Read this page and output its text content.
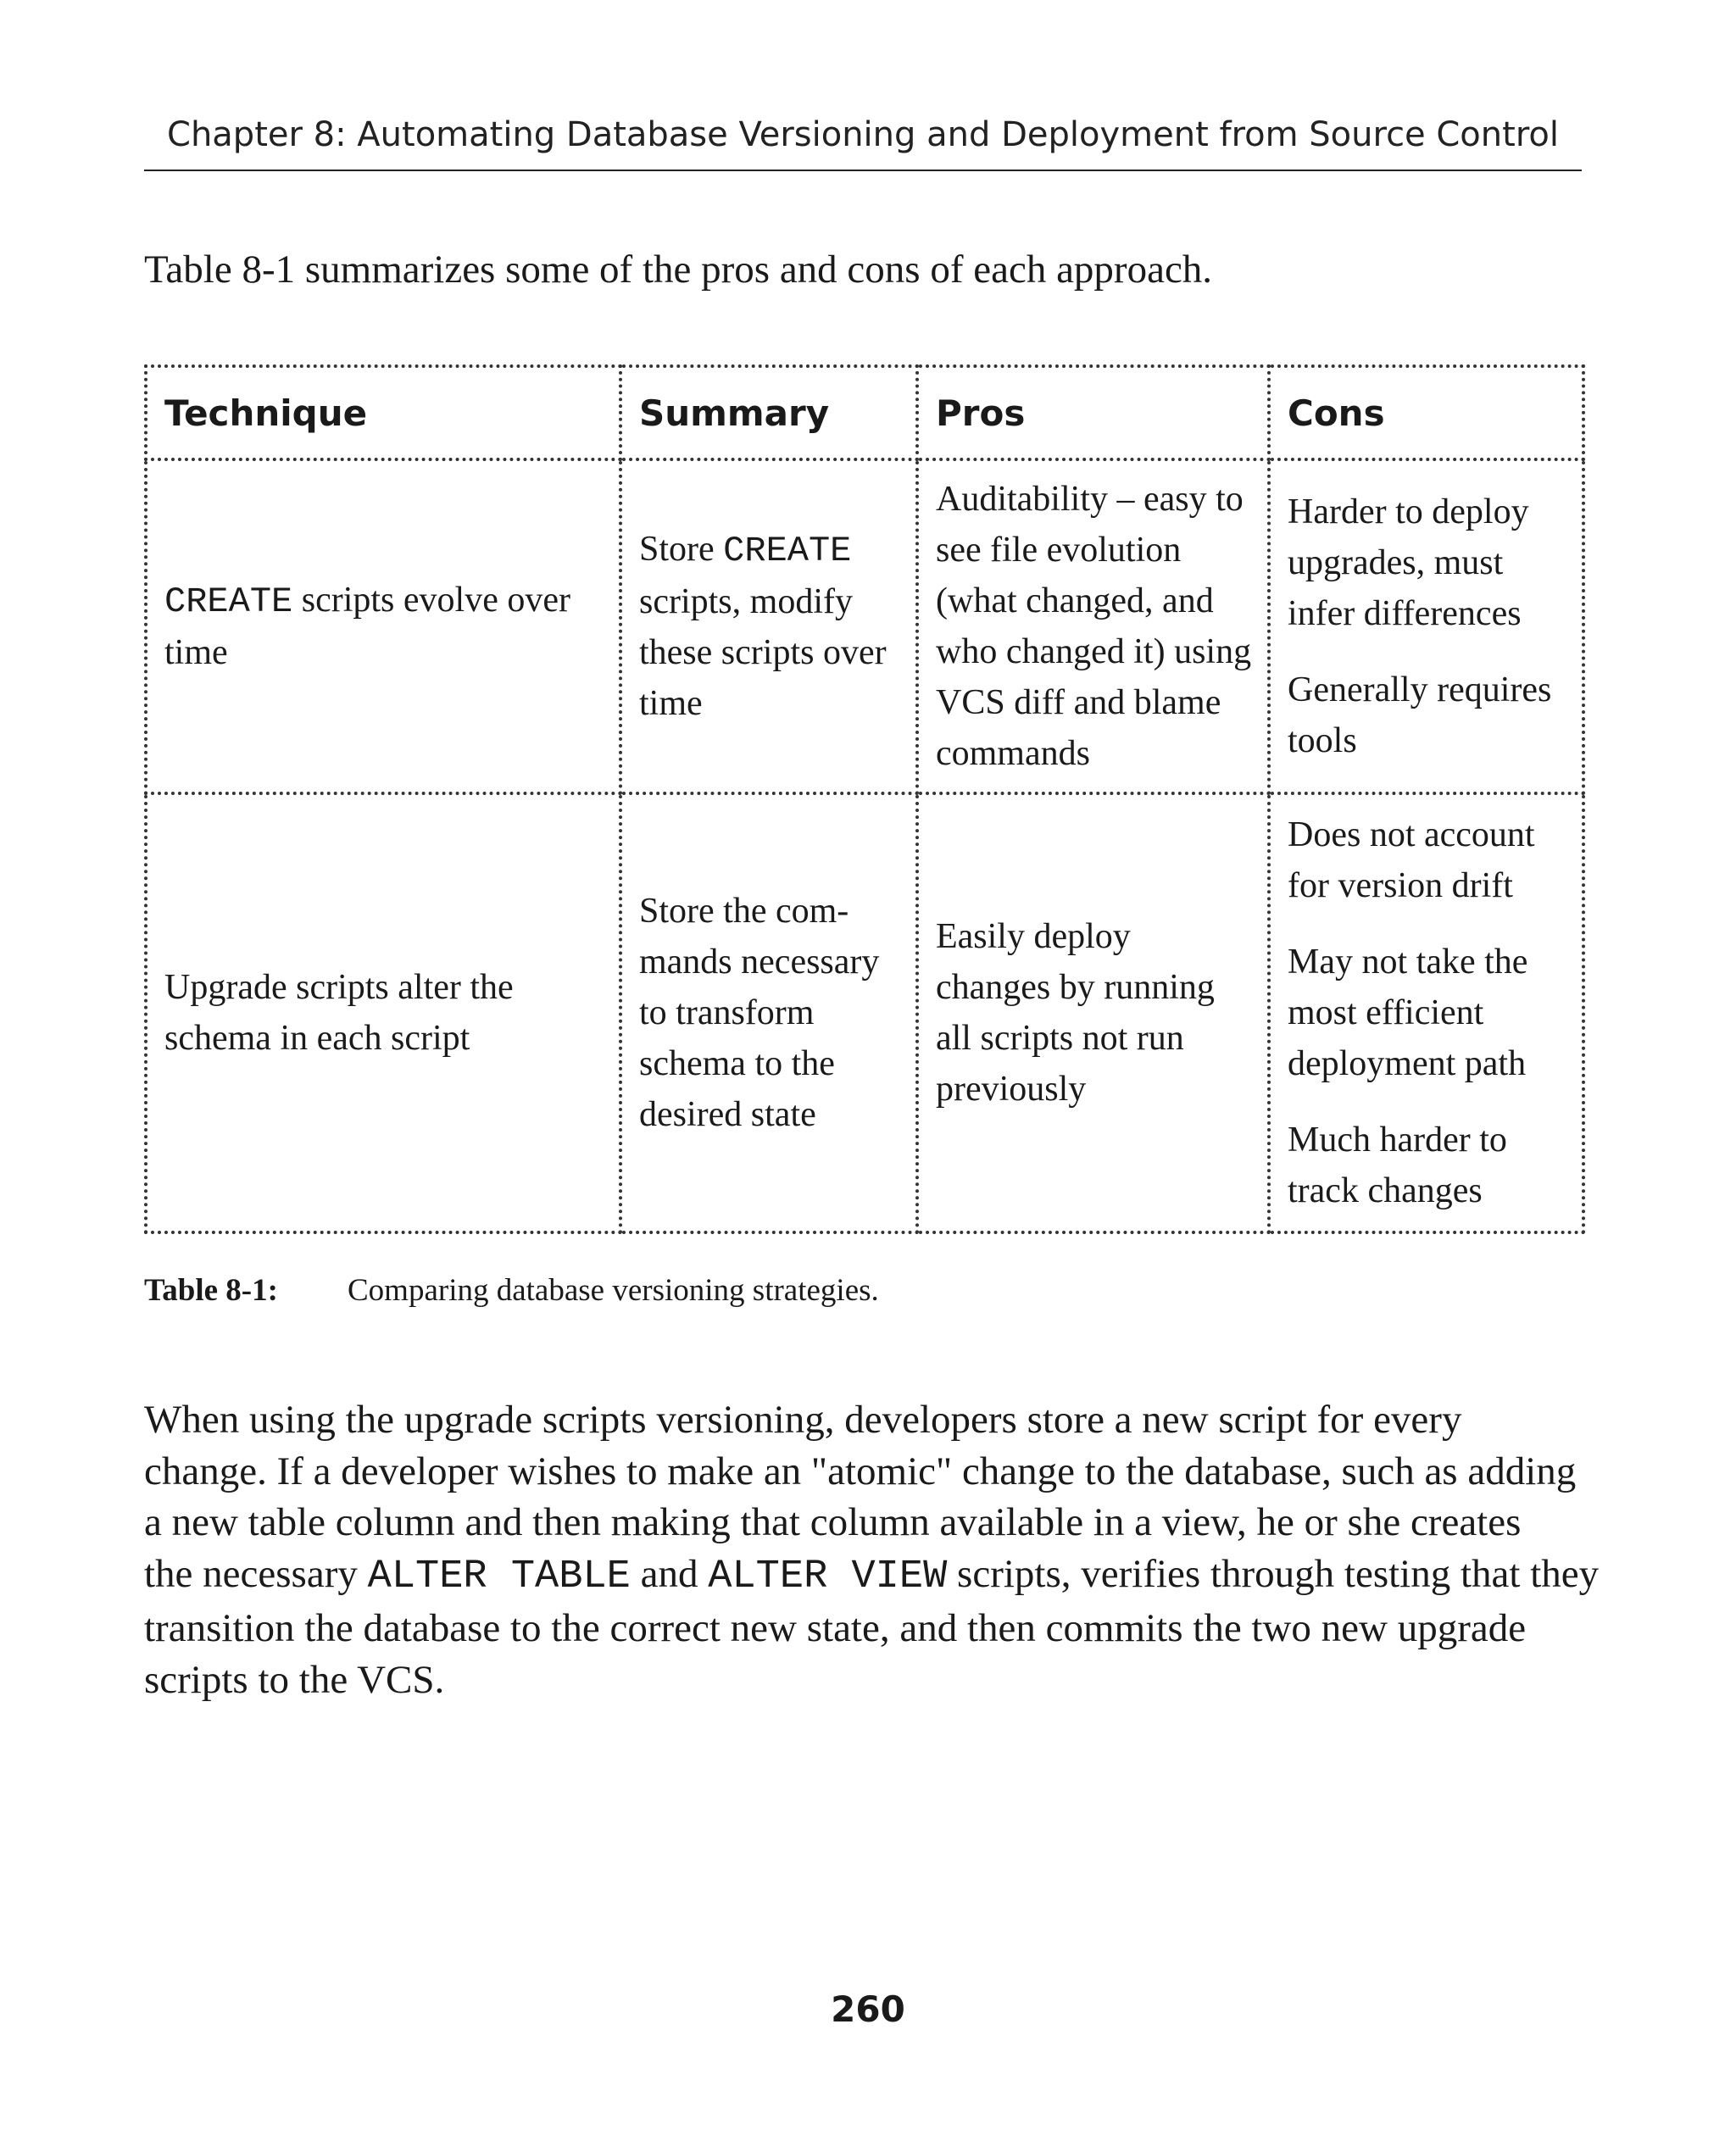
Chapter 8: Automating Database Versioning and Deployment from Source Control
Table 8-1 summarizes some of the pros and cons of each approach.
Technique	Summary	Pros	Cons
CREATE scripts evolve over time	Store CREATE scripts, modify these scripts over time	Auditability – easy to see file evolution (what changed, and who changed it) using VCS diff and blame commands	Harder to deploy upgrades, must infer differences
Generally requires tools

Upgrade scripts alter the schema in each script	Store the com-mands necessary to transform schema to the desired state	Easily deploy changes by running all scripts not run previously	Does not account for version drift
May not take the most efficient deployment path
Much harder to track changes
Table 8-1: Comparing database versioning strategies.
When using the upgrade scripts versioning, developers store a new script for every
change. If a developer wishes to make an "atomic" change to the database, such as adding
a new table column and then making that column available in a view, he or she creates
the necessary ALTER TABLE and ALTER VIEW scripts, verifies through testing that they
transition the database to the correct new state, and then commits the two new upgrade
scripts to the VCS.
260
